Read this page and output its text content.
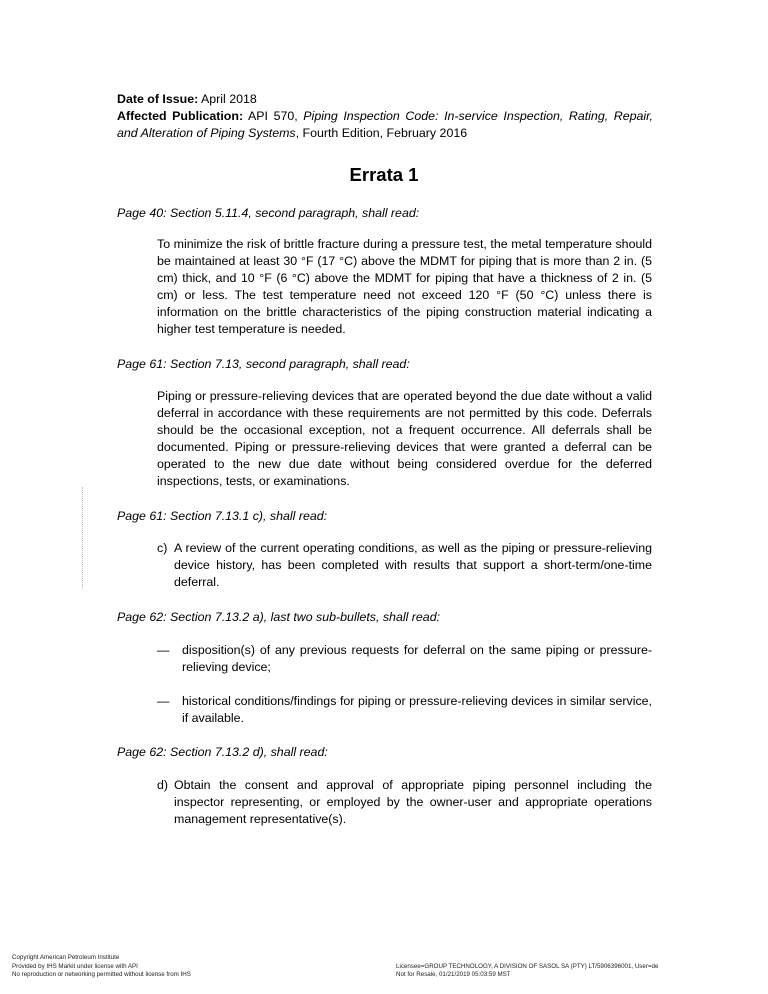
Date of Issue: April 2018
Affected Publication: API 570, Piping Inspection Code: In-service Inspection, Rating, Repair, and Alteration of Piping Systems, Fourth Edition, February 2016
Errata 1
Page 40: Section 5.11.4, second paragraph, shall read:
To minimize the risk of brittle fracture during a pressure test, the metal temperature should be maintained at least 30 °F (17 °C) above the MDMT for piping that is more than 2 in. (5 cm) thick, and 10 °F (6 °C) above the MDMT for piping that have a thickness of 2 in. (5 cm) or less. The test temperature need not exceed 120 °F (50 °C) unless there is information on the brittle characteristics of the piping construction material indicating a higher test temperature is needed.
Page 61: Section 7.13, second paragraph, shall read:
Piping or pressure-relieving devices that are operated beyond the due date without a valid deferral in accordance with these requirements are not permitted by this code. Deferrals should be the occasional exception, not a frequent occurrence. All deferrals shall be documented. Piping or pressure-relieving devices that were granted a deferral can be operated to the new due date without being considered overdue for the deferred inspections, tests, or examinations.
Page 61: Section 7.13.1 c), shall read:
c) A review of the current operating conditions, as well as the piping or pressure-relieving device history, has been completed with results that support a short-term/one-time deferral.
Page 62: Section 7.13.2 a), last two sub-bullets, shall read:
—	disposition(s) of any previous requests for deferral on the same piping or pressure-relieving device;
—	historical conditions/findings for piping or pressure-relieving devices in similar service, if available.
Page 62: Section 7.13.2 d), shall read:
d) Obtain the consent and approval of appropriate piping personnel including the inspector representing, or employed by the owner-user and appropriate operations management representative(s).
Copyright American Petroleum Institute
Provided by IHS Markit under license with API
No reproduction or networking permitted without license from IHS
Licensee=GROUP TECHNOLOGY, A DIVISION OF SASOL SA (PTY) LT/5906396001, User=de
Not for Resale, 01/21/2019 05:03:59 MST
